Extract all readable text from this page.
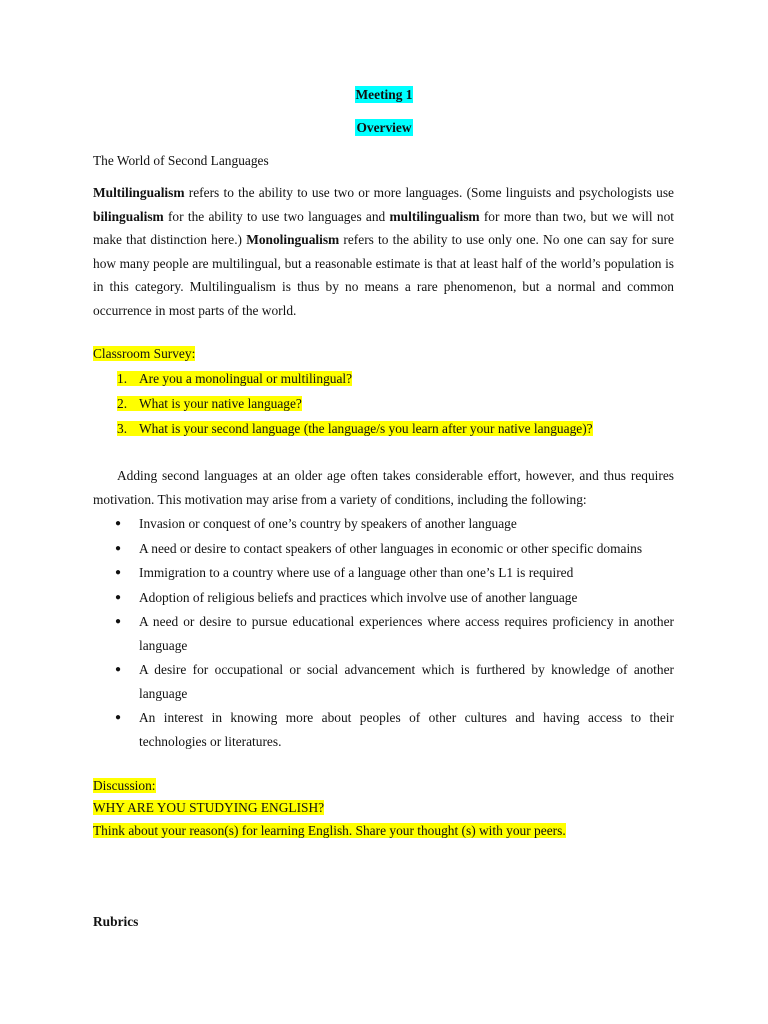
Meeting 1
Overview
The World of Second Languages
Multilingualism refers to the ability to use two or more languages. (Some linguists and psychologists use bilingualism for the ability to use two languages and multilingualism for more than two, but we will not make that distinction here.) Monolingualism refers to the ability to use only one. No one can say for sure how many people are multilingual, but a reasonable estimate is that at least half of the world’s population is in this category. Multilingualism is thus by no means a rare phenomenon, but a normal and common occurrence in most parts of the world.
Classroom Survey:
1. Are you a monolingual or multilingual?
2. What is your native language?
3. What is your second language (the language/s you learn after your native language)?
Adding second languages at an older age often takes considerable effort, however, and thus requires motivation. This motivation may arise from a variety of conditions, including the following:
● Invasion or conquest of one’s country by speakers of another language
● A need or desire to contact speakers of other languages in economic or other specific domains
● Immigration to a country where use of a language other than one’s L1 is required
● Adoption of religious beliefs and practices which involve use of another language
● A need or desire to pursue educational experiences where access requires proficiency in another language
● A desire for occupational or social advancement which is furthered by knowledge of another language
● An interest in knowing more about peoples of other cultures and having access to their technologies or literatures.
Discussion:
WHY ARE YOU STUDYING ENGLISH?
Think about your reason(s) for learning English. Share your thought (s) with your peers.
Rubrics
